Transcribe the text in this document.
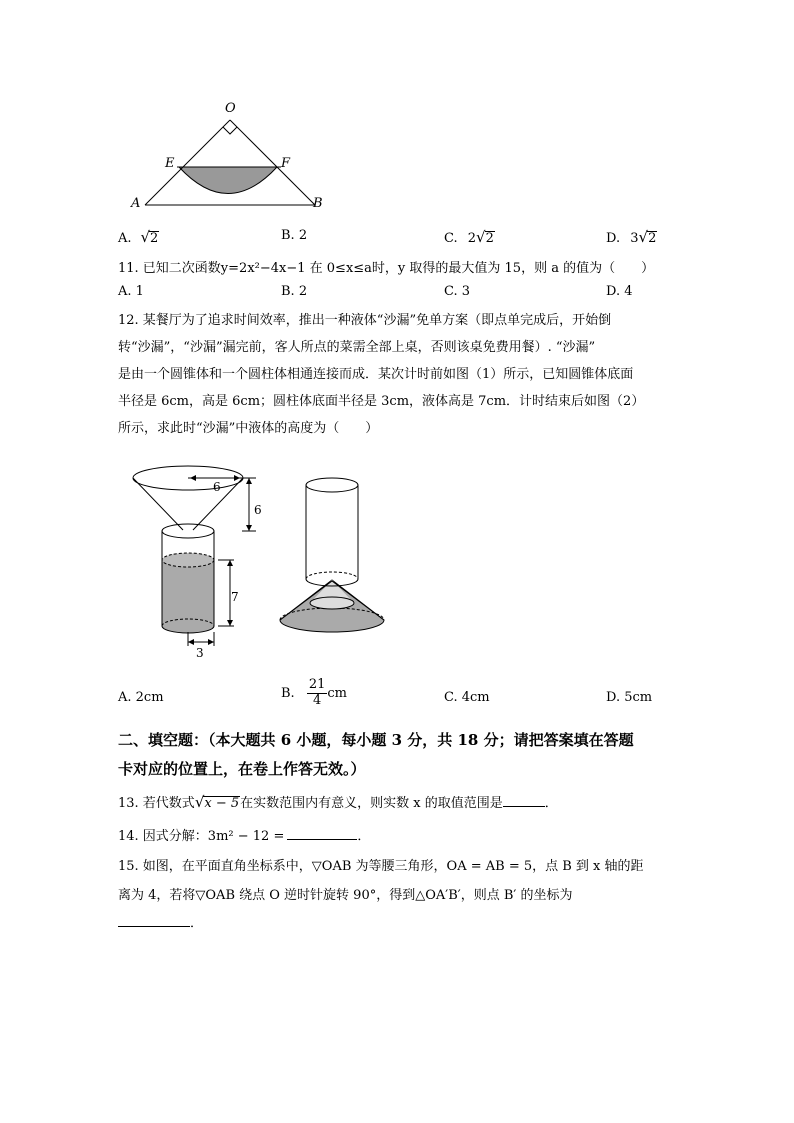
O
E	F
A	B
A.  √2	B. 2	C. 2√2	D. 3√2
11. 已知二次函数y=2x²−4x−1 在 0≤x≤a时，y 取得的最大值为 15，则 a 的值为（　　）
A. 1	B. 2	C. 3	D. 4
12. 某餐厅为了追求时间效率，推出一种液体“沙漏”免单方案（即点单完成后，开始倒
转“沙漏”，“沙漏”漏完前，客人所点的菜需全部上桌，否则该桌免费用餐）. “沙漏”
是由一个圆锥体和一个圆柱体相通连接而成．某次计时前如图（1）所示，已知圆锥体底面
半径是 6cm，高是 6cm；圆柱体底面半径是 3cm，液体高是 7cm．计时结束后如图（2）
所示，求此时“沙漏”中液体的高度为（　　）
6
6
7
3
A. 2cm	B. $\frac{21}{4}$ cm	C. 4cm	D. 5cm
二、填空题：（本大题共 6 小题，每小题 3 分，共 18 分；请把答案填在答题
卡对应的位置上，在卷上作答无效。）
13. 若代数式√x − 5在实数范围内有意义，则实数 x 的取值范围是	．
14. 因式分解：3m² − 12 =	．
15. 如图，在平面直角坐标系中，▽OAB 为等腰三角形，OA = AB = 5，点 B 到 x 轴的距
离为 4，若将▽OAB 绕点 O 逆时针旋转 90°，得到△OA′B′，则点 B′ 的坐标为
．
